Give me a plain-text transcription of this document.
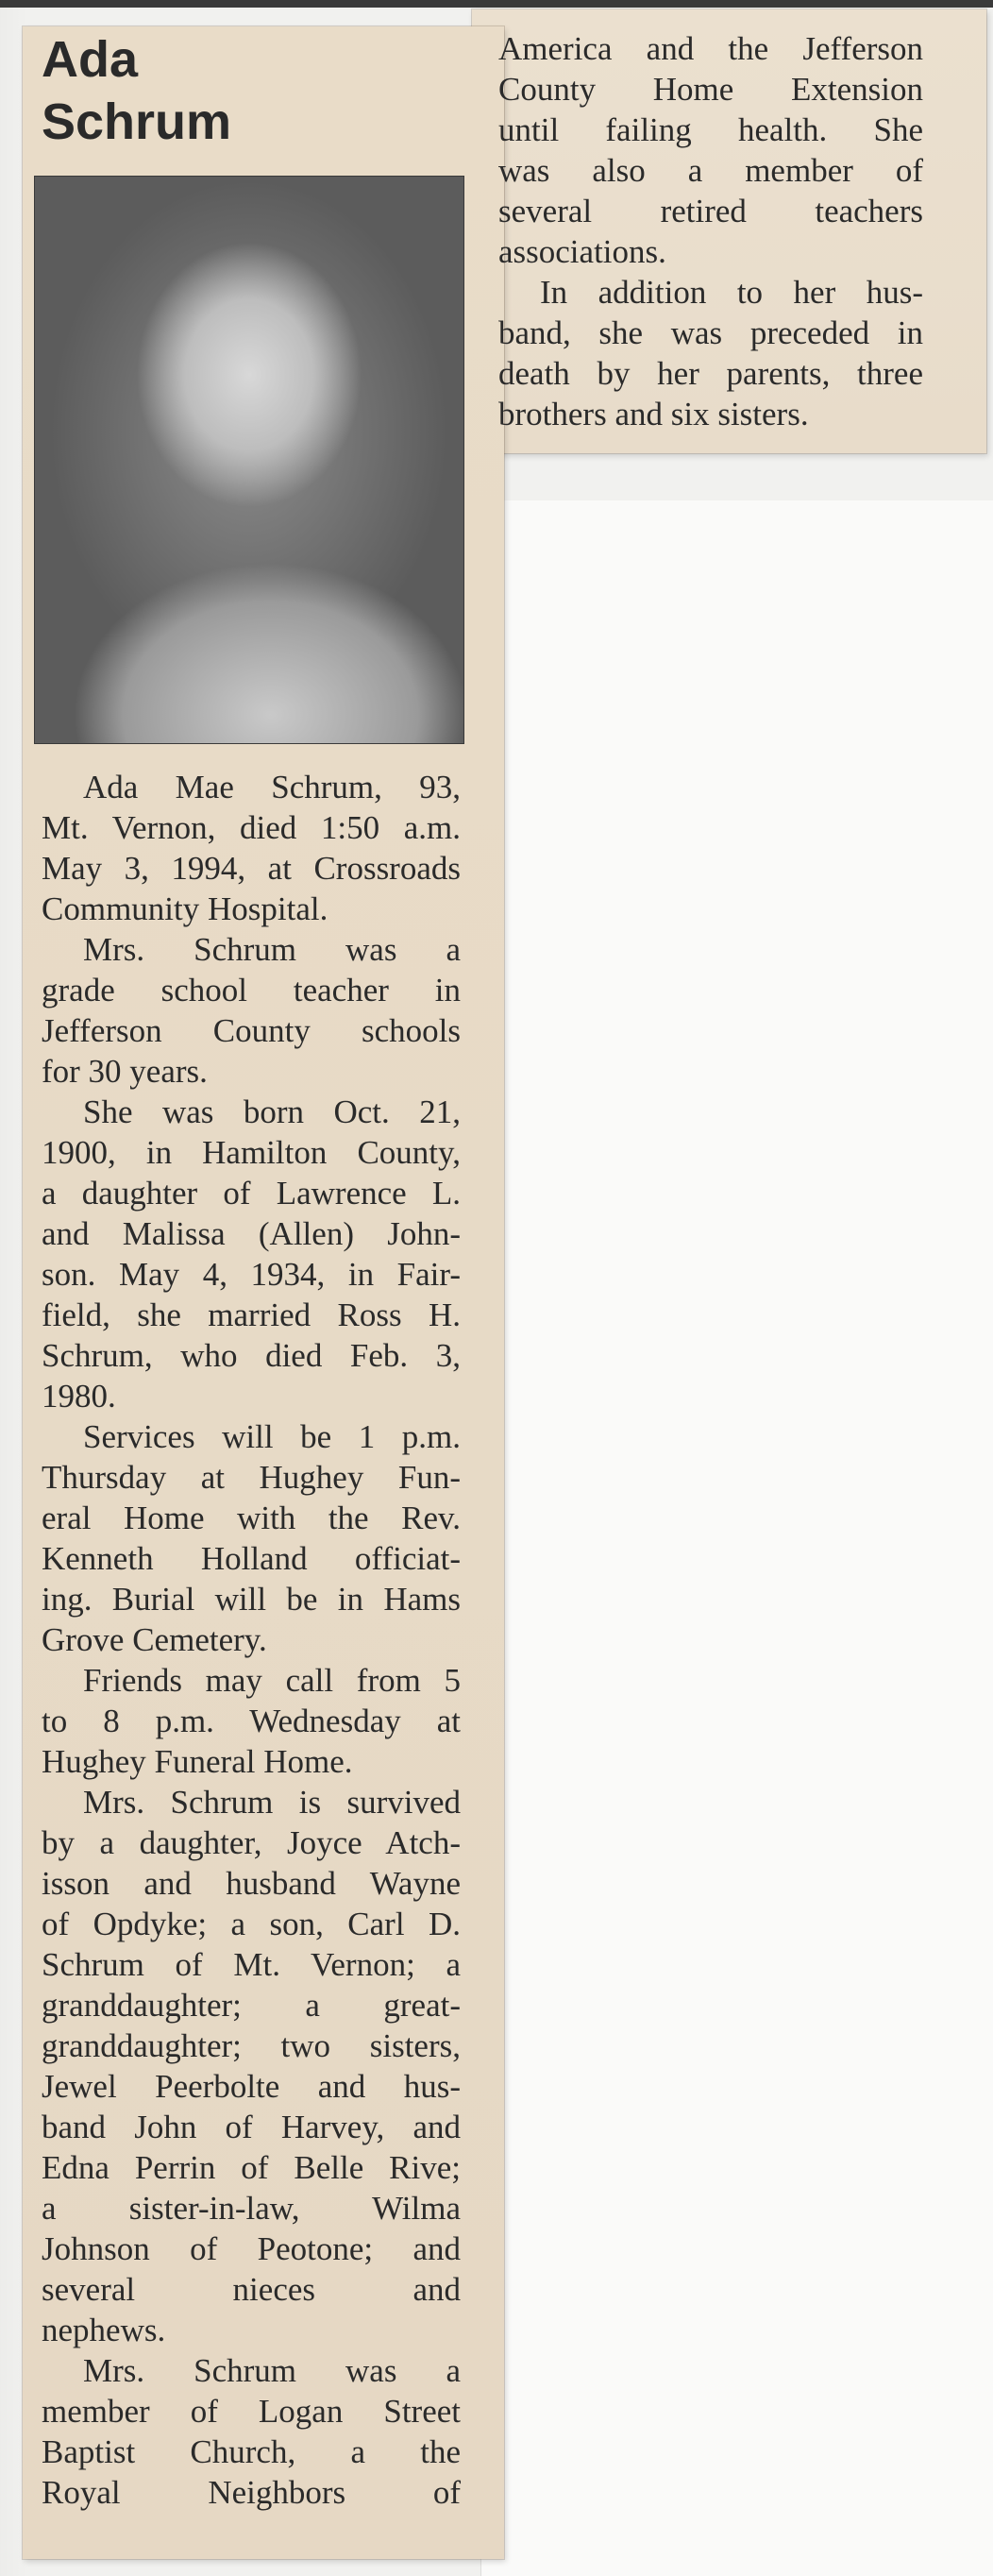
Ada
Schrum
Ada Mae Schrum, 93,
Mt. Vernon, died 1:50 a.m.
May 3, 1994, at Crossroads
Community Hospital.
Mrs. Schrum was a
grade school teacher in
Jefferson County schools
for 30 years.
She was born Oct. 21,
1900, in Hamilton County,
a daughter of Lawrence L.
and Malissa (Allen) John-
son. May 4, 1934, in Fair-
field, she married Ross H.
Schrum, who died Feb. 3,
1980.
Services will be 1 p.m.
Thursday at Hughey Fun-
eral Home with the Rev.
Kenneth Holland officiat-
ing. Burial will be in Hams
Grove Cemetery.
Friends may call from 5
to 8 p.m. Wednesday at
Hughey Funeral Home.
Mrs. Schrum is survived
by a daughter, Joyce Atch-
isson and husband Wayne
of Opdyke; a son, Carl D.
Schrum of Mt. Vernon; a
granddaughter; a great-
granddaughter; two sisters,
Jewel Peerbolte and hus-
band John of Harvey, and
Edna Perrin of Belle Rive;
a sister-in-law, Wilma
Johnson of Peotone; and
several nieces and
nephews.
Mrs. Schrum was a
member of Logan Street
Baptist Church, a the
Royal Neighbors of
America and the Jefferson
County Home Extension
until failing health. She
was also a member of
several retired teachers
associations.
In addition to her hus-
band, she was preceded in
death by her parents, three
brothers and six sisters.
